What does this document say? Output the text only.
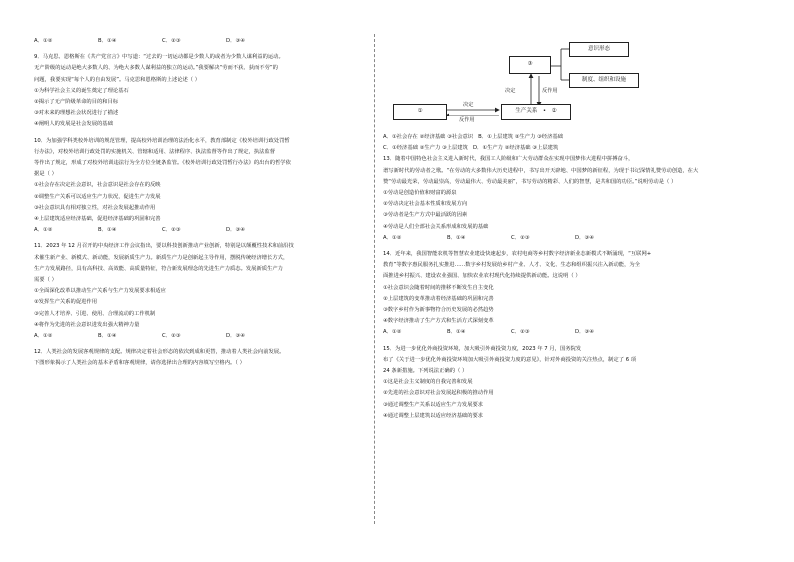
A．①②	B．①④	C．②③	D．③④
9．马克思、恩格斯在《共产党宣言》中写道：“过去的一切运动都是少数人的或者为少数人谋利益的运动。
无产阶级的运动是绝大多数人的、为绝大多数人谋利益的独立的运动。”我要解决“劳而不获、获而不劳”的
问题，我要实现“每个人的自由发展”。马克思和恩格斯的上述论述（ ）
①为科学社会主义的诞生奠定了理论基石
②揭示了无产阶级革命的目的和目标
③对未来的理想社会状况进行了描述
④阐明人的发展是社会发展的基础
10．为加强学科类校外培训的规范管理，提高校外培训治理的法治化水平，教育部制定《校外培训行政处罚暂
行办法》，对校外培训行政处罚的实施机关、管辖和适用、法律程序、执法监督等作出了规定，执法监督
等作出了规定，形成了对校外培训违法行为全方位全链条监管。《校外培训行政处罚暂行办法》的出台的哲学依
据是（ ）
①社会存在决定社会意识，社会意识是社会存在的反映
②调整生产关系可以适应生产力状况，促进生产力发展
③社会意识具有相对独立性，对社会发展起推动作用
④上层建筑适应经济基础，促进经济基础的巩固和完善
A．①②	B．①④	C．②③	D．③④
11．2023 年 12 月召开的中央经济工作会议指出，要以科技创新推动产业创新，特别是以颠覆性技术和前沿技
术催生新产业、新模式、新动能，发展新质生产力。新质生产力是创新起主导作用，摆脱传统经济增长方式，
生产力发展路径，具有高科技、高效能、高质量特征，符合新发展理念的先进生产力质态。发展新质生产力
需要（ ）
①全面深化改革以推动生产关系与生产力发展要求相适应
②发挥生产关系的促进作用
③完善人才培养、引进、使用、合理流动的工作机制
④将作为先进的社会意识进发出强大精神力量
A．①②	B．①④	C．②③	D．③④
12．人类社会的发展客观规律的支配。规律决定着社会形态的依次到成和更替，推动着人类社会向前发展。
下图形象揭示了人类社会的基本矛盾和客观规律，请你选择出合理的内容填写空格内。（ ）
③
意识形态
制度、组织和设施
决定	反作用
决定
①	生产关系　•　②
反作用
A．①社会存在 ②经济基础 ③社会意识 B．①上层建筑 ②生产力 ③经济基础
C．①经济基础 ②生产力 ③上层建筑 D．①生产力 ②经济基础 ③上层建筑
13．随着中国特色社会主义进入新时代，我国工人阶级和广大劳动群众在实现中国梦伟大进程中拼搏奋斗，
谱写新时代的劳动者之歌。“在劳动的大多数伟大历史进程中，书写出开天辟地、中国梦的新征程，为现于书记深情礼赞劳动创造，在大
赞“劳动最光荣，劳动最崇高，劳动最伟大、劳动最美丽”，书写劳动的精彩、人们的智慧，是共和国的功臣。”说明劳动是（ ）
①劳动是创造价值和财富的源泉
②劳动决定社会基本性质和发展方向
③劳动者是生产方式中最活跃的因素
④劳动是人们全部社会关系形成和发展的基础
A．①②	B．①④	C．②③	D．③④
14．近年来，我国智能农机等智慧农业建设快速起步，农村电商等乡村数字经济新业态新模式不断涌现，“互联网+
教育”等数字惠民服务扎实推进……数字乡村发展给乡村产业、人才、文化、生态和组织振兴注入新动能，为全
面推进乡村振兴、建设农业强国、加快农业农村现代化持续提供新动能。这说明（ ）
①社会意识会随着时间的推移不断发生自主变化
②上层建筑的变革推动着经济基础的巩固和完善
③数字乡村作为新事物符合历史发展的必然趋势
④数字经济推动了生产方式和生活方式深刻变革
A．①②	B．①④	C．②③	D．③④
15．为进一步优化外商投资环境，加大吸引外商投资力度，2023 年 7 月，国务院发
布了《关于进一步优化外商投资环境加大吸引外商投资力度的意见》，针对外商投资的关注热点，制定了 6 项
24 条新措施。下列说法正确的（ ）
①这是社会主义制度的自我完善和发展
②先进的社会意识对社会发展起积极的推动作用
③通过调整生产关系以适应生产力发展要求
④通过调整上层建筑以适应经济基础的要求
